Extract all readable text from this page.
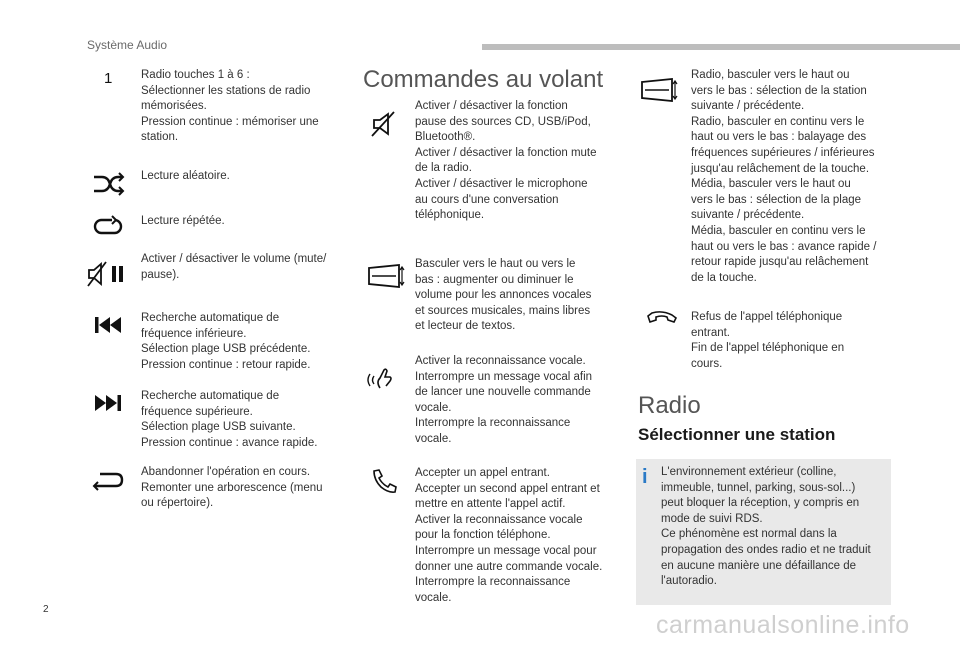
Système Audio
1 Radio touches 1 à 6 :
Sélectionner les stations de radio
mémorisées.
Pression continue : mémoriser une
station.
Lecture aléatoire.
Lecture répétée.
Activer / désactiver le volume (mute/
pause).
Recherche automatique de
fréquence inférieure.
Sélection plage USB précédente.
Pression continue : retour rapide.
Recherche automatique de
fréquence supérieure.
Sélection plage USB suivante.
Pression continue : avance rapide.
Abandonner l'opération en cours.
Remonter une arborescence (menu
ou répertoire).
Commandes au volant
Activer / désactiver la fonction
pause des sources CD, USB/iPod,
Bluetooth®.
Activer / désactiver la fonction mute
de la radio.
Activer / désactiver le microphone
au cours d'une conversation
téléphonique.
Basculer vers le haut ou vers le
bas : augmenter ou diminuer le
volume pour les annonces vocales
et sources musicales, mains libres
et lecteur de textos.
Activer la reconnaissance vocale.
Interrompre un message vocal afin
de lancer une nouvelle commande
vocale.
Interrompre la reconnaissance
vocale.
Accepter un appel entrant.
Accepter un second appel entrant et
mettre en attente l'appel actif.
Activer la reconnaissance vocale
pour la fonction téléphone.
Interrompre un message vocal pour
donner une autre commande vocale.
Interrompre la reconnaissance
vocale.
Radio, basculer vers le haut ou
vers le bas : sélection de la station
suivante / précédente.
Radio, basculer en continu vers le
haut ou vers le bas : balayage des
fréquences supérieures / inférieures
jusqu'au relâchement de la touche.
Média, basculer vers le haut ou
vers le bas : sélection de la plage
suivante / précédente.
Média, basculer en continu vers le
haut ou vers le bas : avance rapide /
retour rapide jusqu'au relâchement
de la touche.
Refus de l'appel téléphonique
entrant.
Fin de l'appel téléphonique en
cours.
Radio
Sélectionner une station
i L'environnement extérieur (colline,
immeuble, tunnel, parking, sous-sol...)
peut bloquer la réception, y compris en
mode de suivi RDS.
Ce phénomène est normal dans la
propagation des ondes radio et ne traduit
en aucune manière une défaillance de
l'autoradio.
2
carmanualsonline.info
